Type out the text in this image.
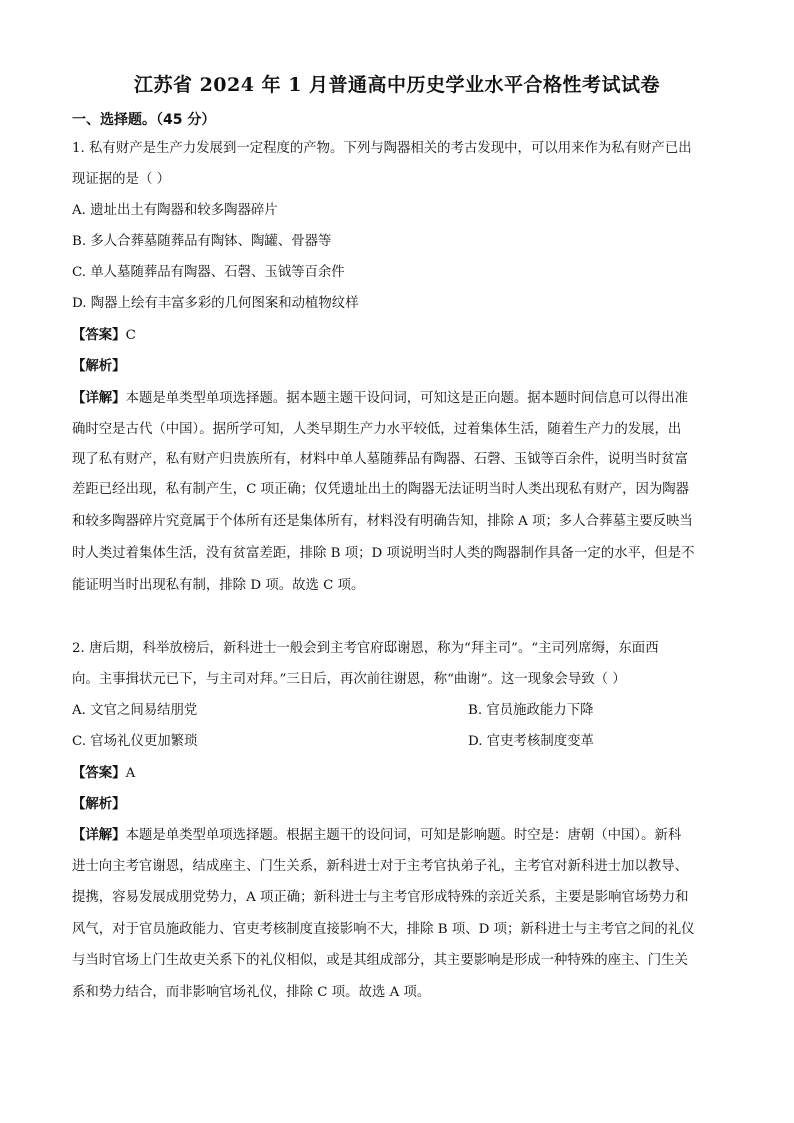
江苏省 2024 年 1 月普通高中历史学业水平合格性考试试卷
一、选择题。（45 分）
1. 私有财产是生产力发展到一定程度的产物。下列与陶器相关的考古发现中，可以用来作为私有财产已出
现证据的是（ ）
A. 遗址出土有陶器和较多陶器碎片
B. 多人合葬墓随葬品有陶钵、陶罐、骨器等
C. 单人墓随葬品有陶器、石磬、玉钺等百余件
D. 陶器上绘有丰富多彩的几何图案和动植物纹样
【答案】C
【解析】
【详解】本题是单类型单项选择题。据本题主题干设问词，可知这是正向题。据本题时间信息可以得出准
确时空是古代（中国）。据所学可知，人类早期生产力水平较低，过着集体生活，随着生产力的发展，出
现了私有财产，私有财产归贵族所有，材料中单人墓随葬品有陶器、石磬、玉钺等百余件，说明当时贫富
差距已经出现，私有制产生，C 项正确；仅凭遗址出土的陶器无法证明当时人类出现私有财产，因为陶器
和较多陶器碎片究竟属于个体所有还是集体所有，材料没有明确告知，排除 A 项；多人合葬墓主要反映当
时人类过着集体生活，没有贫富差距，排除 B 项；D 项说明当时人类的陶器制作具备一定的水平，但是不
能证明当时出现私有制，排除 D 项。故选 C 项。
2. 唐后期，科举放榜后，新科进士一般会到主考官府邸谢恩，称为“拜主司”。“主司列席缛，东面西
向。主事揖状元已下，与主司对拜。”三日后，再次前往谢恩，称“曲谢”。这一现象会导致（ ）
A. 文官之间易结朋党	B. 官员施政能力下降
C. 官场礼仪更加繁琐	D. 官吏考核制度变革
【答案】A
【解析】
【详解】本题是单类型单项选择题。根据主题干的设问词，可知是影响题。时空是：唐朝（中国）。新科
进士向主考官谢恩，结成座主、门生关系，新科进士对于主考官执弟子礼，主考官对新科进士加以教导、
提携，容易发展成朋党势力，A 项正确；新科进士与主考官形成特殊的亲近关系，主要是影响官场势力和
风气，对于官员施政能力、官吏考核制度直接影响不大，排除 B 项、D 项；新科进士与主考官之间的礼仪
与当时官场上门生故吏关系下的礼仪相似，或是其组成部分，其主要影响是形成一种特殊的座主、门生关
系和势力结合，而非影响官场礼仪，排除 C 项。故选 A 项。
